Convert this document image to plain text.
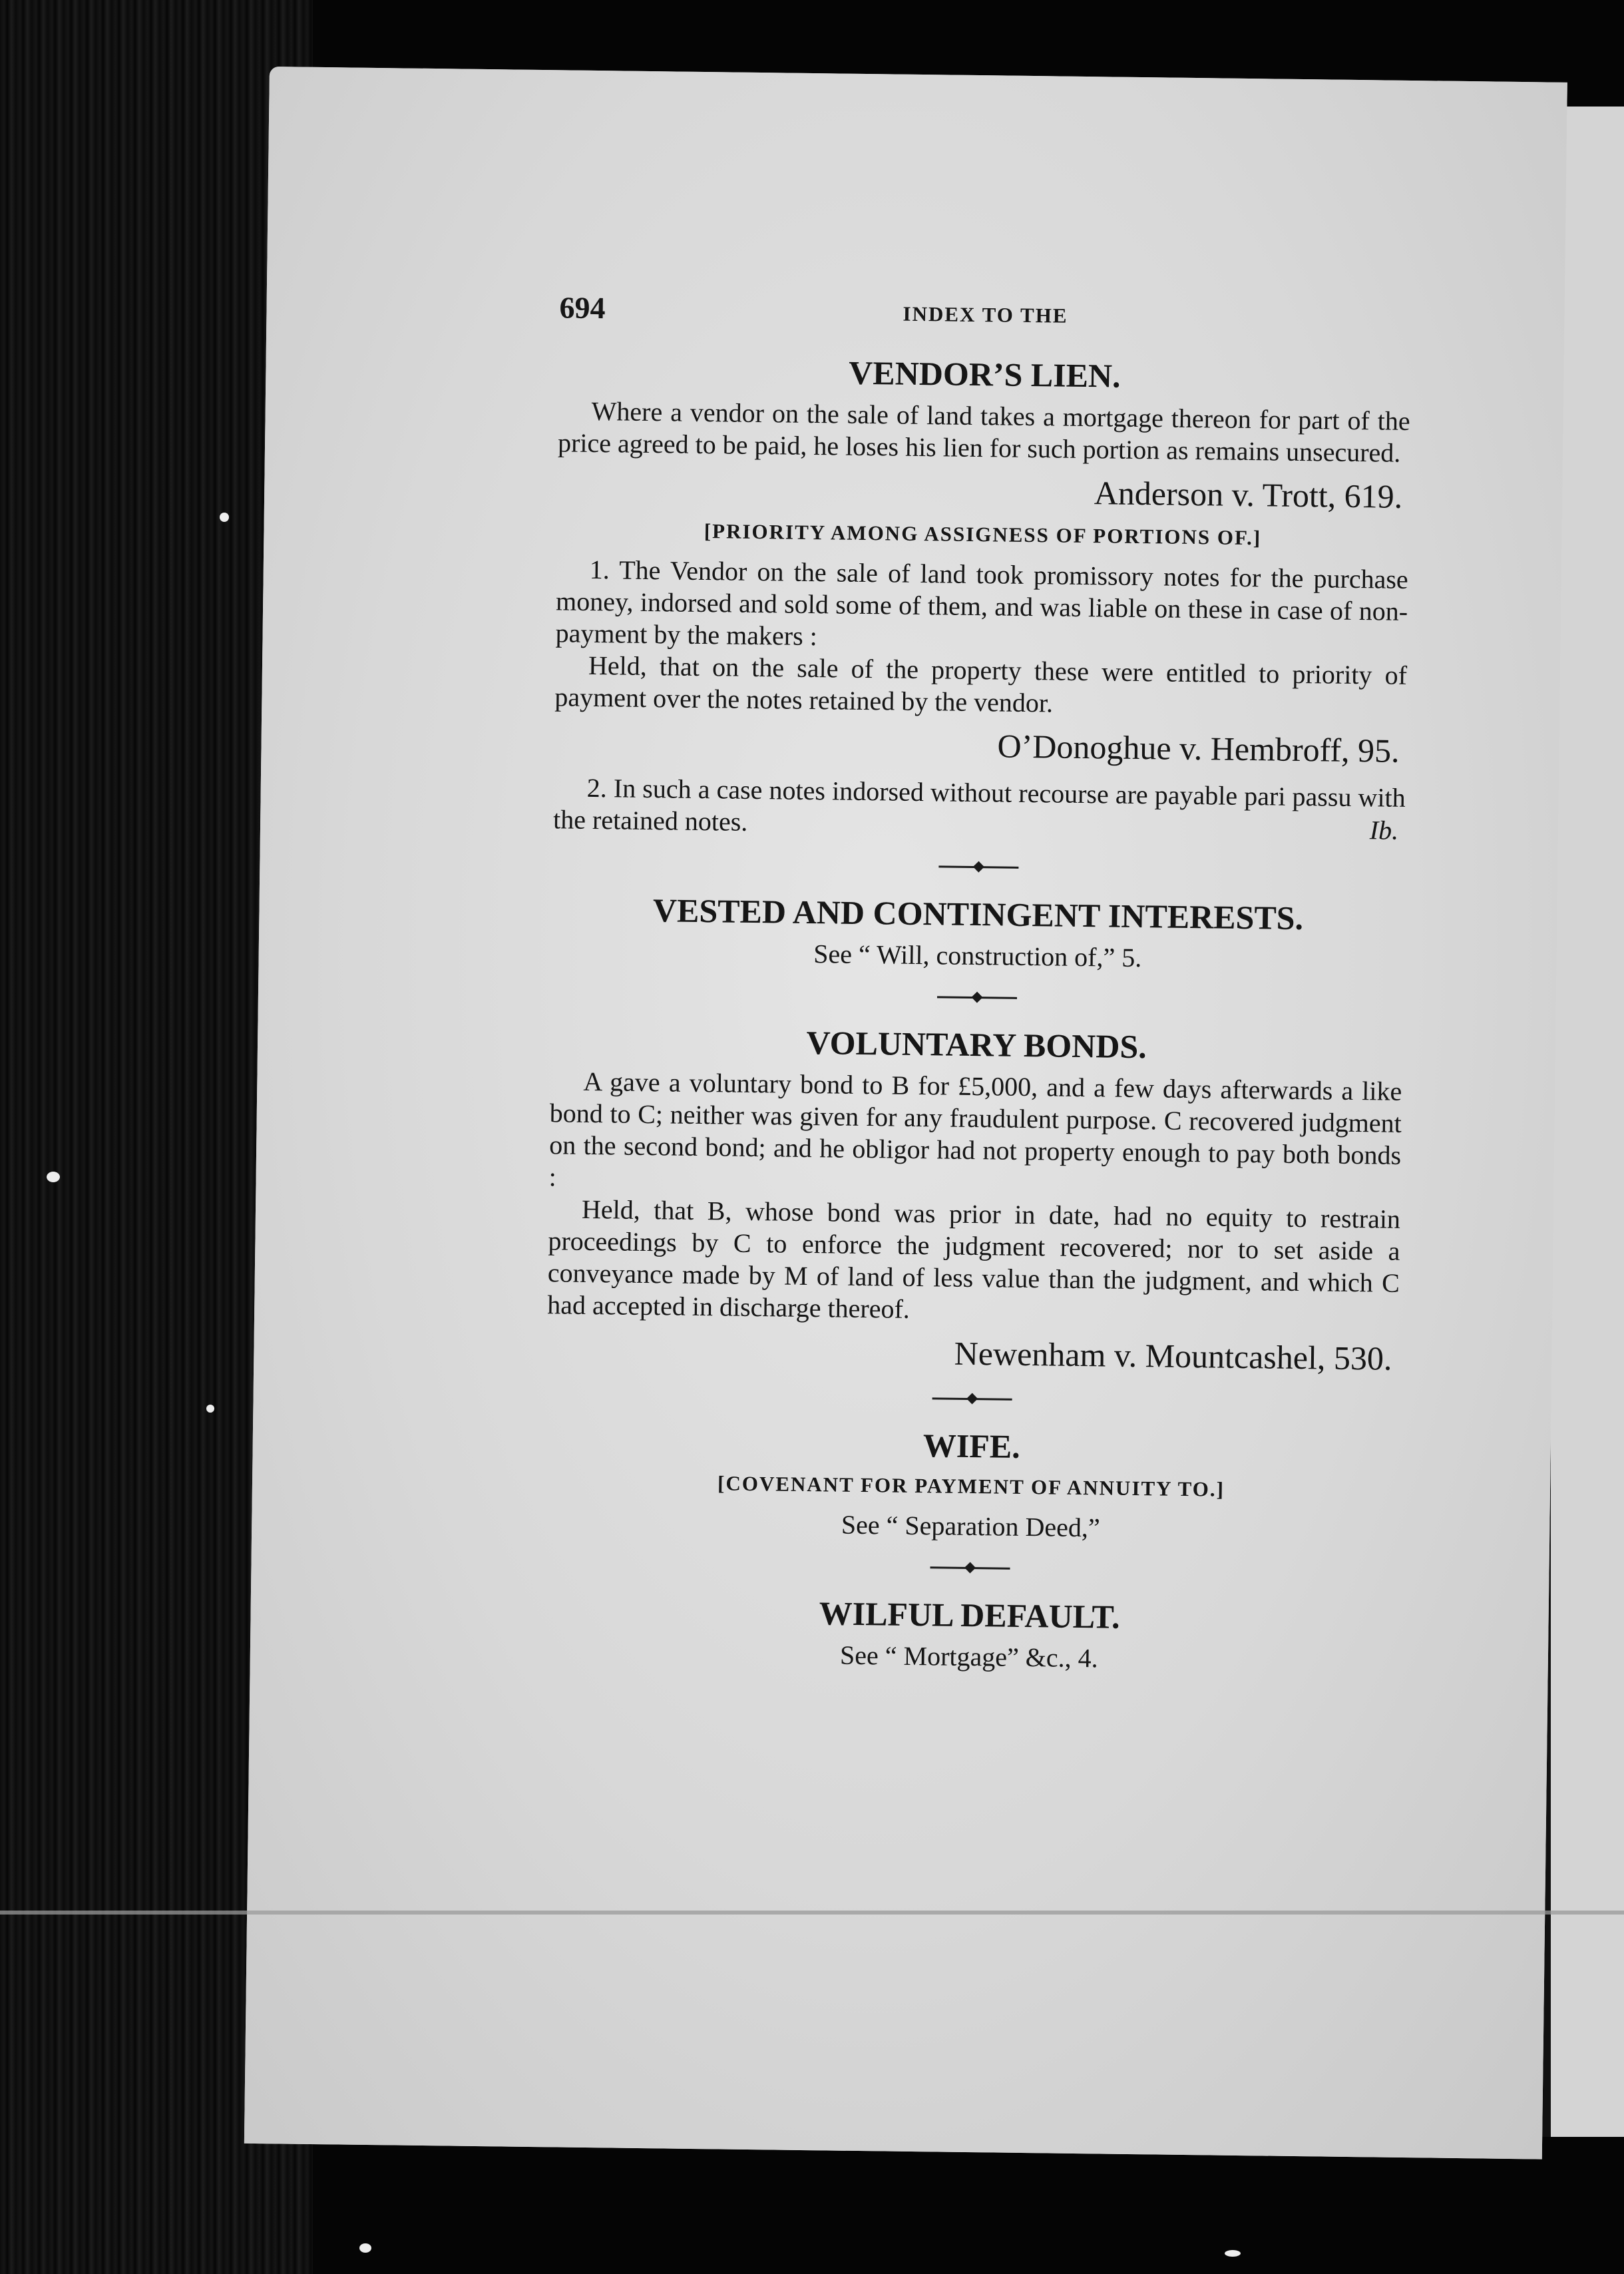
694	INDEX TO THE
VENDOR’S LIEN.

Where a vendor on the sale of land takes a mortgage thereon for part of the price agreed to be paid, he loses his lien for such portion as remains unsecured.

Anderson v. Trott, 619.
[PRIORITY AMONG ASSIGNESS OF PORTIONS OF.]

1. The Vendor on the sale of land took promissory notes for the purchase money, indorsed and sold some of them, and was liable on these in case of non-payment by the makers :

Held, that on the sale of the property these were entitled to priority of payment over the notes retained by the vendor.

O’Donoghue v. Hembroff, 95.

2. In such a case notes indorsed without recourse are payable pari passu with the retained notes.	Ib.
VESTED AND CONTINGENT INTERESTS.
See “ Will, construction of,” 5.
VOLUNTARY BONDS.

A gave a voluntary bond to B for £5,000, and a few days afterwards a like bond to C; neither was given for any fraudulent purpose. C recovered judgment on the second bond; and he obligor had not property enough to pay both bonds :

Held, that B, whose bond was prior in date, had no equity to restrain proceedings by C to enforce the judgment recovered; nor to set aside a conveyance made by M of land of less value than the judgment, and which C had accepted in discharge thereof.

Newenham v. Mountcashel, 530.
WIFE.
[COVENANT FOR PAYMENT OF ANNUITY TO.]
See “ Separation Deed,”
WILFUL DEFAULT.
See “ Mortgage” &c., 4.
